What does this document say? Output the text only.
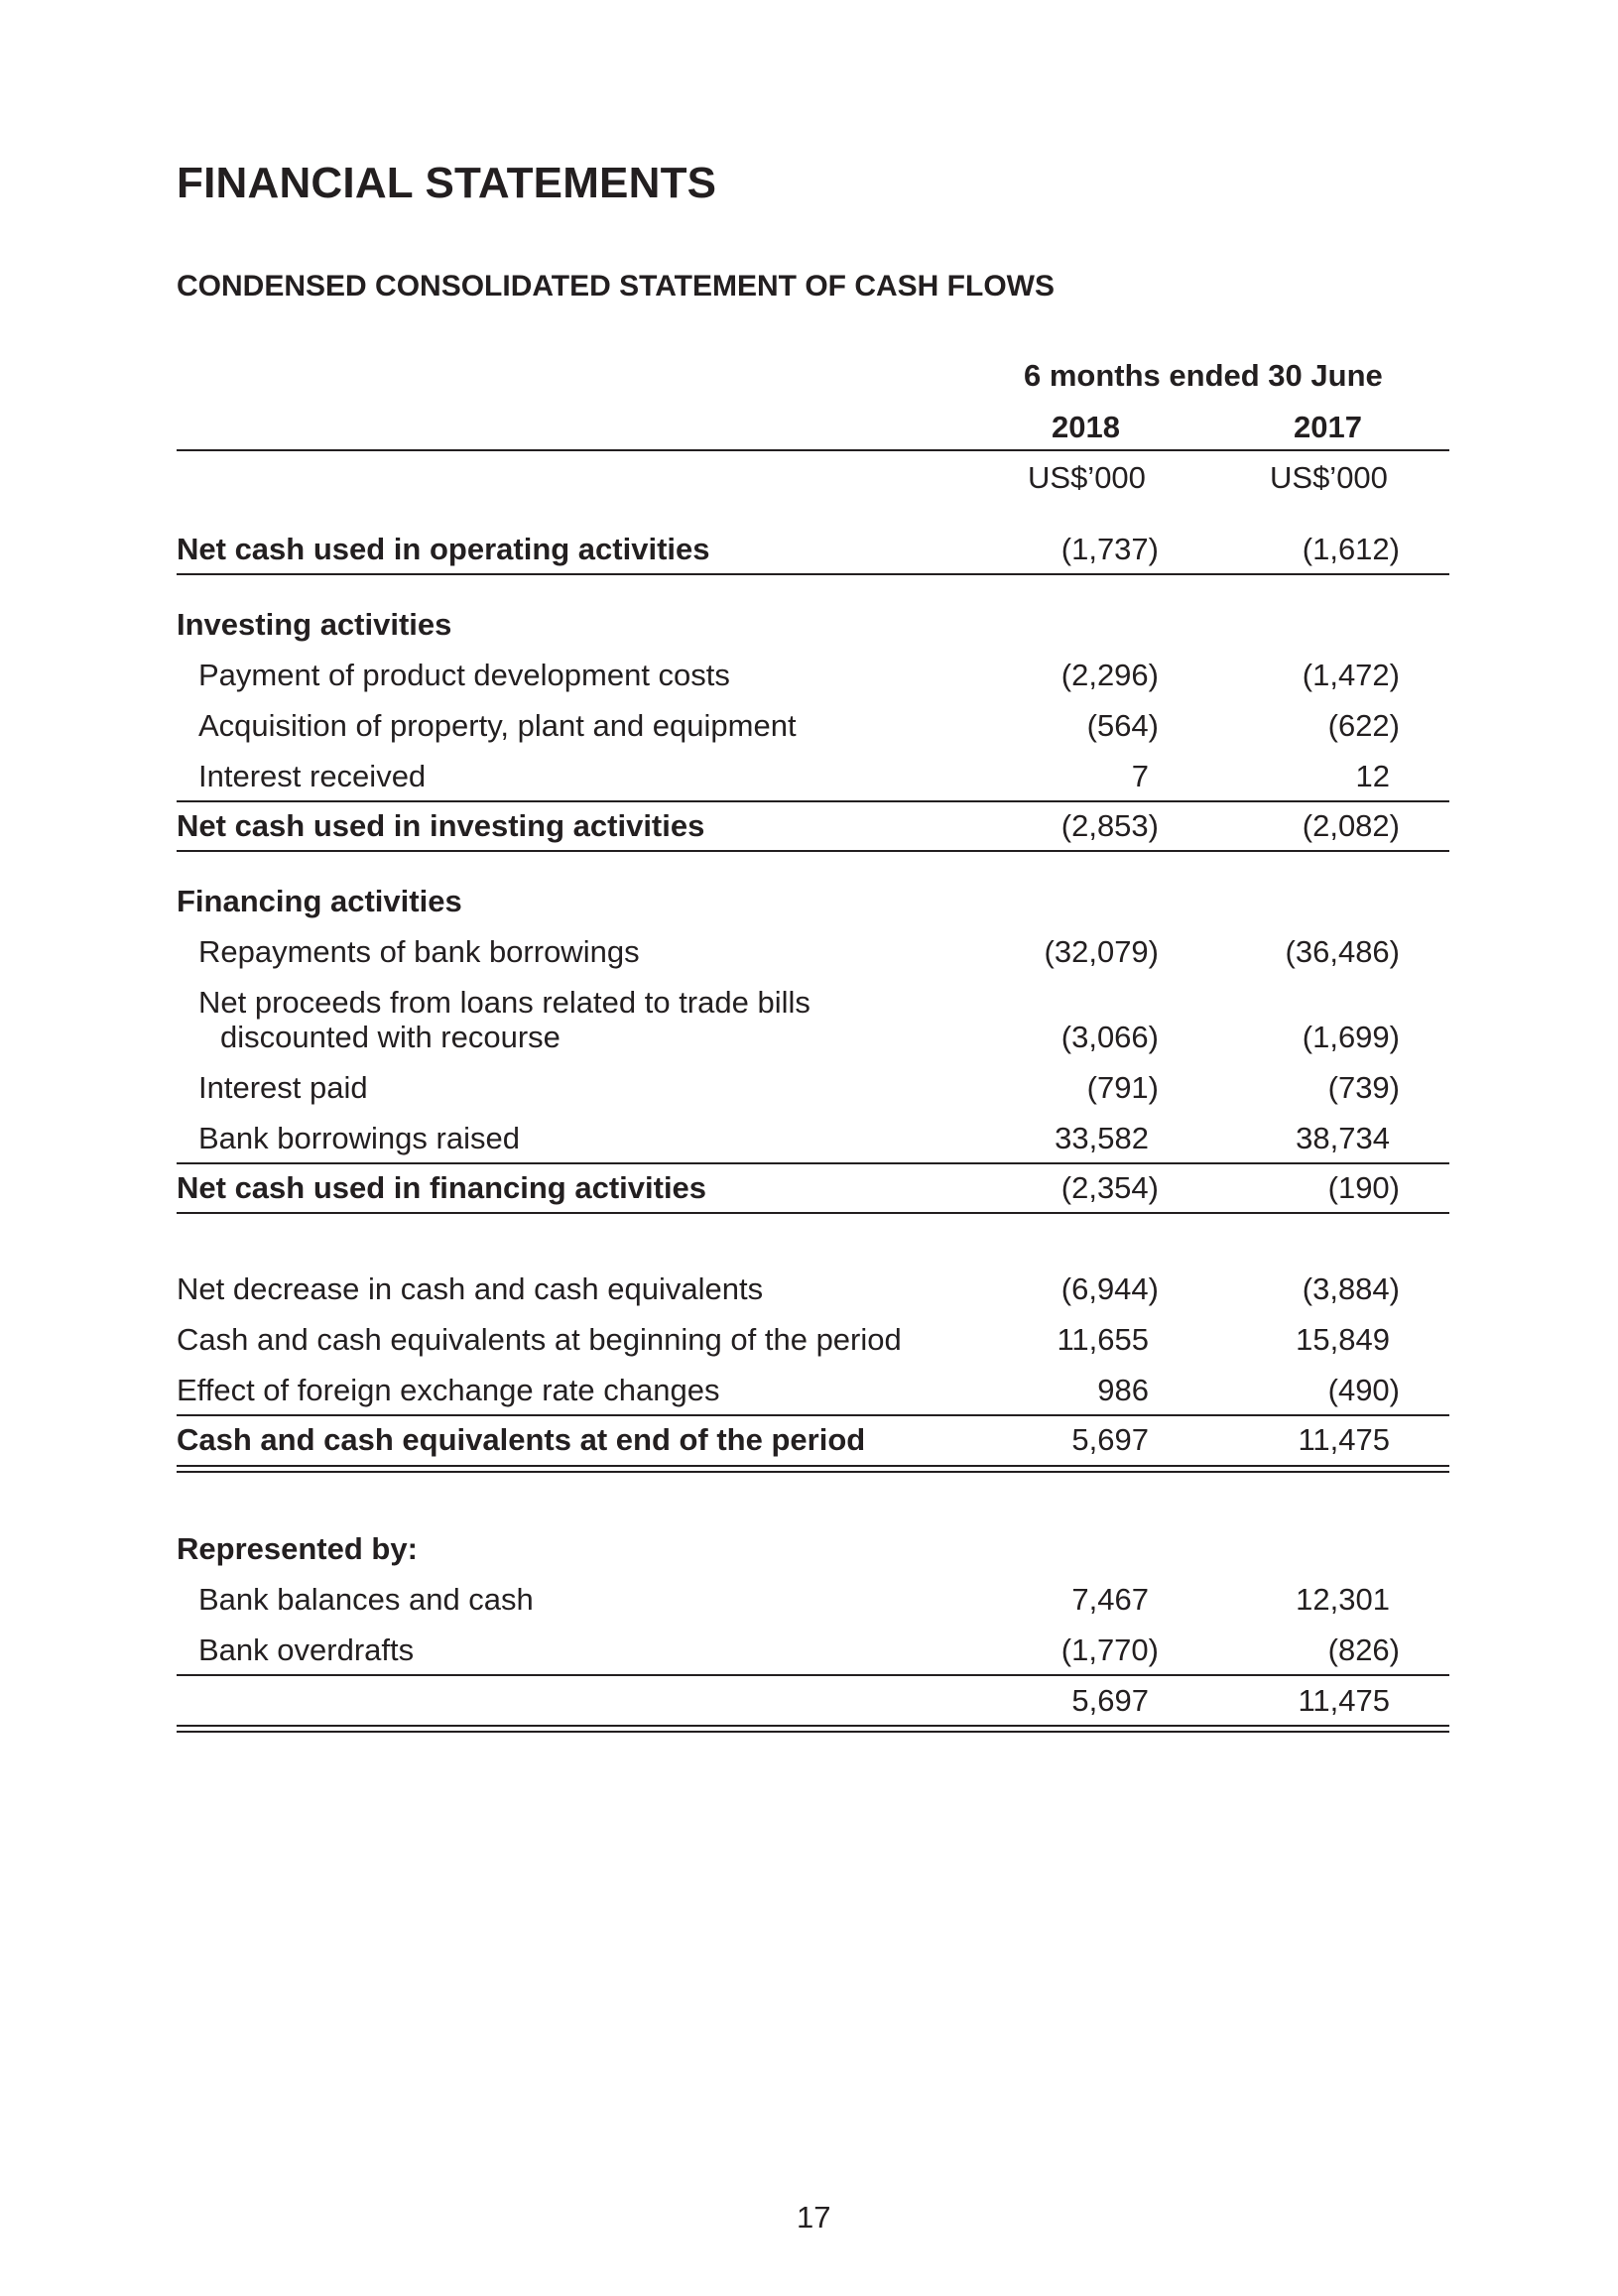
FINANCIAL STATEMENTS
CONDENSED CONSOLIDATED STATEMENT OF CASH FLOWS
6 months ended 30 June
2018	2017
US$’000	US$’000
Net cash used in operating activities	(1,737)	(1,612)
Investing activities
Payment of product development costs	(2,296)	(1,472)
Acquisition of property, plant and equipment	(564)	(622)
Interest received	7	12
Net cash used in investing activities	(2,853)	(2,082)
Financing activities
Repayments of bank borrowings	(32,079)	(36,486)
Net proceeds from loans related to trade bills
discounted with recourse	(3,066)	(1,699)
Interest paid	(791)	(739)
Bank borrowings raised	33,582	38,734
Net cash used in financing activities	(2,354)	(190)
Net decrease in cash and cash equivalents	(6,944)	(3,884)
Cash and cash equivalents at beginning of the period	11,655	15,849
Effect of foreign exchange rate changes	986	(490)
Cash and cash equivalents at end of the period	5,697	11,475
Represented by:
Bank balances and cash	7,467	12,301
Bank overdrafts	(1,770)	(826)
5,697	11,475
17
